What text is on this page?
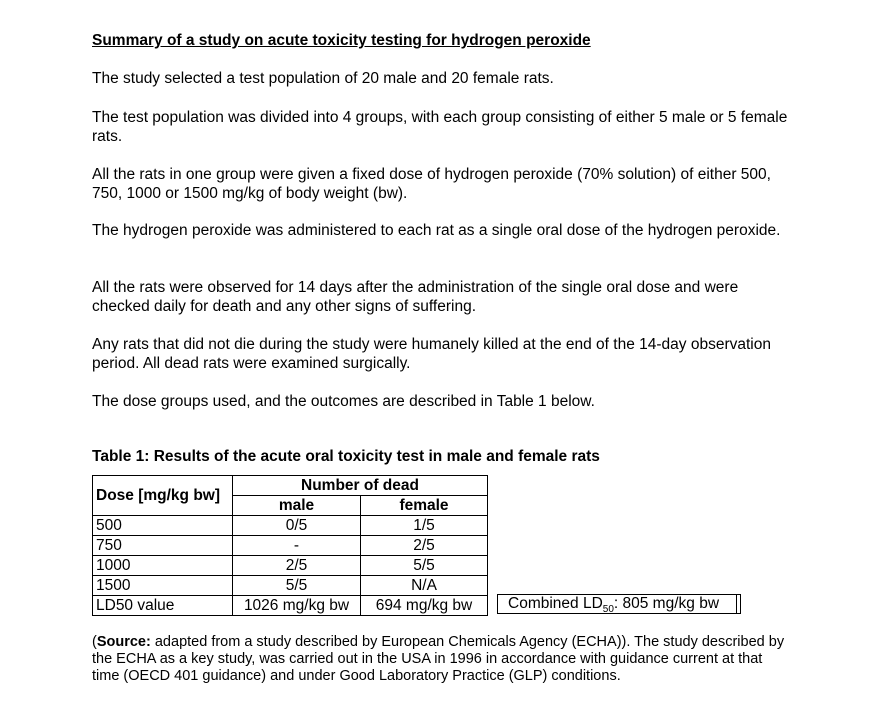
Summary of a study on acute toxicity testing for hydrogen peroxide
The study selected a test population of 20 male and 20 female rats.
The test population was divided into 4 groups, with each group consisting of either 5 male or 5 female rats.
All the rats in one group were given a fixed dose of hydrogen peroxide (70% solution) of either 500, 750, 1000 or 1500 mg/kg of body weight (bw).
The hydrogen peroxide was administered to each rat as a single oral dose of the hydrogen peroxide.
All the rats were observed for 14 days after the administration of the single oral dose and were checked daily for death and any other signs of suffering.
Any rats that did not die during the study were humanely killed at the end of the 14-day observation period. All dead rats were examined surgically.
The dose groups used, and the outcomes are described in Table 1 below.
Table 1: Results of the acute oral toxicity test in male and female rats
Dose [mg/kg bw]	Number of dead	
	male	female
500	0/5	1/5
750	-	2/5
1000	2/5	5/5
1500	5/5	N/A
LD50 value	1026 mg/kg bw	694 mg/kg bw	Combined $LD_{50}$: 805 mg/kg bw
(Source: adapted from a study described by European Chemicals Agency (ECHA)). The study described by the ECHA as a key study, was carried out in the USA in 1996 in accordance with guidance current at that time (OECD 401 guidance) and under Good Laboratory Practice (GLP) conditions.
